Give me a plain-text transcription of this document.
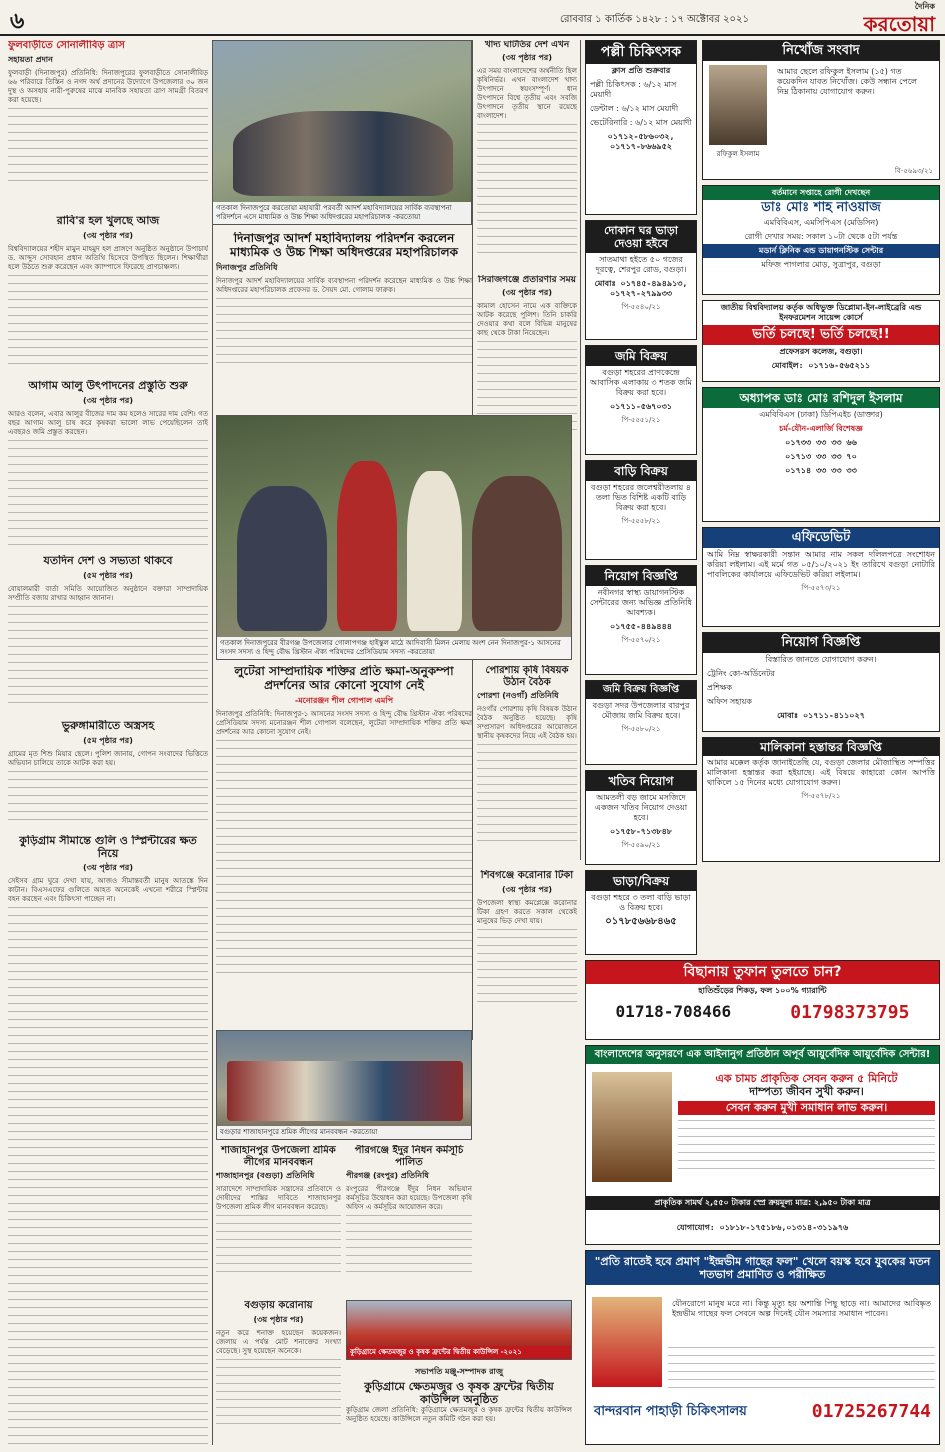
৬	রোববার ১ কার্তিক ১৪২৮ : ১৭ অক্টোবর ২০২১
দৈনিক
করতোয়া
ফুলবাড়ীতে সোনালীবিড় ত্রাস
সহায়তা প্রদান
ফুলবাড়ী (দিনাজপুর) প্রতিনিধি: দিনাজপুরের ফুলবাড়ীতে সোনালীবিড় ৬৬ পরিবারে তিস্তিন ও নগদ অর্থ প্রদানের উদ্যোগে উপজেলার ৩০ জন দুস্থ ও অসহায় নারী-পুরুষের মাঝে মানবিক সহায়তা ত্রাণ সামগ্রী বিতরণ করা হয়েছে।
গতকাল দিনাজপুরে করতোয়া মহাযারী পরবর্তী আদর্শ মহাবিদ্যালয়ের সার্বিক ব্যবস্থাপনা পরিদর্শনে এসে মাধ্যমিক ও উচ্চ শিক্ষা অধিদপ্তরের মহাপরিচালক -করতোয়া
রাবি'র হল খুলছে আজ
(৩য় পৃষ্ঠার পর)
বিশ্ববিদ্যালয়ের শহীদ মামুন মাহমুদ হল প্রাঙ্গণে অনুষ্ঠিত অনুষ্ঠানে উপাচার্য ড. আব্দুস সোবহান প্রধান অতিথি হিসেবে উপস্থিত ছিলেন। শিক্ষার্থীরা হলে উঠতে শুরু করেছেন এবং ক্যাম্পাসে ফিরেছে প্রাণচাঞ্চল্য।
আগাম আলু উৎপাদনের প্রস্তুতি শুরু
(৩য় পৃষ্ঠার পর)
আরও বলেন, এবার আলুর বীজের দাম কম হলেও সারের দাম বেশি। গত বছর আগাম আলু চাষ করে কৃষকরা ভালো লাভ পেয়েছিলেন তাই এবছরও জমি প্রস্তুত করছেন।
যতদিন দেশ ও সভ্যতা থাকবে
(৫ম পৃষ্ঠার পর)
বোয়ালমারী বার্তা সমিতি আয়োজিত অনুষ্ঠানে বক্তারা সাম্প্রদায়িক সম্প্রীতি বজায় রাখার আহ্বান জানান।
ভুরুঙ্গামারীতে অস্ত্রসহ
(৫ম পৃষ্ঠার পর)
গ্রামের মৃত শিশু মিয়ার ছেলে। পুলিশ জানায়, গোপন সংবাদের ভিত্তিতে অভিযান চালিয়ে তাকে আটক করা হয়।
কুড়িগ্রাম সীমান্তে গুলি ও স্প্লিন্টারের ক্ষত নিয়ে
(৩য় পৃষ্ঠার পর)
সেইসব গ্রাম ঘুরে দেখা যায়, আজও সীমান্তবর্তী মানুষ আতঙ্কে দিন কাটান। বিএসএফের গুলিতে আহত অনেকেই এখনো শরীরে স্প্লিন্টার বহন করছেন এবং চিকিৎসা পাচ্ছেন না।
খাদ্য ঘাটতির দেশ এখন
(৩য় পৃষ্ঠার পর)
এর সময় বাংলাদেশের অর্থনীতি ছিল কৃষিনির্ভর। এখন বাংলাদেশ খাদ্য উৎপাদনে স্বয়ংসম্পূর্ণ। ধান উৎপাদনে বিশ্বে তৃতীয় এবং সবজি উৎপাদনে তৃতীয় স্থানে রয়েছে বাংলাদেশ।
দিনাজপুর আদর্শ মহাবিদ্যালয় পরিদর্শন করলেন মাধ্যমিক ও উচ্চ শিক্ষা অধিদপ্তরের মহাপরিচালক
দিনাজপুর প্রতিনিধি
দিনাজপুর আদর্শ মহাবিদ্যালয়ের সার্বিক ব্যবস্থাপনা পরিদর্শন করেছেন মাধ্যমিক ও উচ্চ শিক্ষা অধিদপ্তরের মহাপরিচালক প্রফেসর ড. সৈয়দ মো. গোলাম ফারুক।
সিরাজগঞ্জে প্রতারণার সময়
(৩য় পৃষ্ঠার পর)
কামাল হোসেন নামে এক ব্যক্তিকে আটক করেছে পুলিশ। তিনি চাকরি দেওয়ার কথা বলে বিভিন্ন মানুষের কাছ থেকে টাকা নিয়েছেন।
গতকাল দিনাজপুরের বীরগঞ্জ উপজেলার গোলাপগঞ্জ হাইস্কুল মাঠে আদিবাসী মিলন মেলায় অংশ নেন দিনাজপুর-১ আসনের সংসদ সদস্য ও হিন্দু বৌদ্ধ খ্রিস্টান ঐক্য পরিষদের প্রেসিডিয়াম সদস্য -করতোয়া
লুটেরা সাম্প্রদায়িক শক্তির প্রতি ক্ষমা-অনুকম্পা প্রদর্শনের আর কোনো সুযোগ নেই
-মনোরঞ্জন শীল গোপাল এমপি
দিনাজপুর প্রতিনিধি: দিনাজপুর-১ আসনের সংসদ সদস্য ও হিন্দু বৌদ্ধ খ্রিস্টান ঐক্য পরিষদের প্রেসিডিয়াম সদস্য মনোরঞ্জন শীল গোপাল বলেছেন, লুটেরা সাম্প্রদায়িক শক্তির প্রতি ক্ষমা প্রদর্শনের আর কোনো সুযোগ নেই।
পোরশায় কৃষি বিষয়ক উঠান বৈঠক
পোরশা (নওগাঁ) প্রতিনিধি
নওগাঁর পোরশায় কৃষি বিষয়ক উঠান বৈঠক অনুষ্ঠিত হয়েছে। কৃষি সম্প্রসারণ অধিদপ্তরের আয়োজনে স্থানীয় কৃষকদের নিয়ে এই বৈঠক হয়।
শিবগঞ্জে করোনার টিকা
(৩য় পৃষ্ঠার পর)
উপজেলা স্বাস্থ্য কমপ্লেক্সে করোনার টিকা গ্রহণ করতে সকাল থেকেই মানুষের ভিড় দেখা যায়।
বগুড়ার শাজাহানপুরে শ্রমিক লীগের মানববন্ধন -করতোয়া
শাজাহানপুর উপজেলা শ্রমিক লীগের মানববন্ধন
শাজাহানপুর (বগুড়া) প্রতিনিধি
সারাদেশে সাম্প্রদায়িক সন্ত্রাসের প্রতিবাদে ও দোষীদের শাস্তির দাবিতে শাজাহানপুর উপজেলা শ্রমিক লীগ মানববন্ধন করেছে।
পীরগঞ্জে ইঁদুর নিধন কর্মসূচি পালিত
পীরগঞ্জ (রংপুর) প্রতিনিধি
রংপুরের পীরগঞ্জে ইঁদুর নিধন অভিযান কর্মসূচির উদ্বোধন করা হয়েছে। উপজেলা কৃষি অফিস এ কর্মসূচির আয়োজন করে।
বগুড়ায় করোনায়
(৩য় পৃষ্ঠার পর)
নতুন করে শনাক্ত হয়েছেন কয়েকজন। জেলায় এ পর্যন্ত মোট শনাক্তের সংখ্যা বেড়েছে। সুস্থ হয়েছেন অনেকে।	কুড়িগ্রামে ক্ষেতমজুর ও কৃষক ফ্রন্টের দ্বিতীয় কাউন্সিল -২০২১
সভাপতি মঞ্জু-সম্পাদক রাজু
কুড়িগ্রামে ক্ষেতমজুর ও কৃষক ফ্রন্টের দ্বিতীয় কাউন্সিল অনুষ্ঠিত
কুড়িগ্রাম জেলা প্রতিনিধি: কুড়িগ্রামে ক্ষেতমজুর ও কৃষক ফ্রন্টের দ্বিতীয় কাউন্সিল অনুষ্ঠিত হয়েছে। কাউন্সিলে নতুন কমিটি গঠন করা হয়।
পল্লী চিকিৎসক
ক্লাস প্রতি শুক্রবার
পল্লী চিকিৎসক : ৬/১২ মাস মেয়াদী
ডেন্টাল : ৬/১২ মাস মেয়াদী
ভেটেরিনারি : ৬/১২ মাস মেয়াদী
০১৭১২-৫৮৬০৩২, ০১৭১৭-৮৬৬৯৫২
নিখোঁজ সংবাদ
আমার ছেলে রফিকুল ইসলাম (১৫) গত কয়েকদিন যাবত নিখোঁজ। কেউ সন্ধান পেলে নিম্ন ঠিকানায় যোগাযোগ করুন।
রফিকুল ইসলাম
বি-৫৬৯৩/২১
বর্তমানে সপ্তাহে রোগী দেখছেন
ডাঃ মোঃ শাহ নাওয়াজ
এমবিবিএস, এমসিপিএস (মেডিসিন)
রোগী দেখার সময়: সকাল ১০টা থেকে ৫টা পর্যন্ত
মডার্ন ক্লিনিক এন্ড ডায়াগনস্টিক সেন্টার
মফিজ পাগলার মোড়, সুত্রাপুর, বগুড়া
দোকান ঘর ভাড়া দেওয়া হইবে
সাতমাথা হইতে ৫০ গজের দূরত্বে, শেরপুর রোড, বগুড়া।
মোবাঃ ০১৭৪৫-৪৯৪৯১৩, ০১৭২৭-২৭৯৯৩৩
পি-৫৫৪০/২১	জাতীয় বিশ্ববিদ্যালয় কর্তৃক অধিভুক্ত ডিপ্লোমা-ইন-লাইব্রেরি এন্ড ইনফরমেশন সায়েন্স কোর্সে
ভর্তি চলছে! ভর্তি চলছে!!
প্রফেসরস কলেজ, বগুড়া।
মোবাইল: ০১৭১৬-৫৬৫২১১
জমি বিক্রয়
বগুড়া শহরের প্রাণকেন্দ্রে আবাসিক এলাকায় ৩ শতক জমি বিক্রয় করা হবে।
০১৭১১-৫৬৭০৩১
পি-৫৫৫১/২১
অধ্যাপক ডাঃ মোঃ রশিদুল ইসলাম
এমবিবিএস (ঢাকা) ডিপিএইচ (ডাক্তার)
চর্ম-যৌন-এলার্জি বিশেষজ্ঞ
০১৭৩৩ ৩৩ ৩৩ ৬৬
০১৭১৩ ৩৩ ৩৩ ৭০
০১৭১৪ ৩৩ ৩৩ ৩৩
বাড়ি বিক্রয়
বগুড়া শহরের জলেশ্বরীতলায় ৪ তলা ভিত বিশিষ্ট একটি বাড়ি বিক্রয় করা হবে।
পি-৫৫৫৮/২১
এফিডেভিট
আমি নিম্ন স্বাক্ষরকারী সন্তান আমার নাম সকল দলিলপত্রে সংশোধন করিয়া লইলাম। এই মর্মে গত ০৫/১০/২০২১ ইং তারিখে বগুড়া নোটারি পাবলিকের কার্যালয়ে এফিডেভিট করিয়া লইলাম।
পি-৫৫৭৩/২১
নিয়োগ বিজ্ঞপ্তি
নবীনগর স্বাস্থ্য ডায়াগনস্টিক সেন্টারের জন্য অভিজ্ঞ প্রতিনিধি আবশ্যক।
০১৭৫৫-৪৪৯৪৪৪
পি-৫৫৭০/২১	নিয়োগ বিজ্ঞপ্তি
বিস্তারিত জানতে যোগাযোগ করুন।
ট্রেনিং কো-অর্ডিনেটর
প্রশিক্ষক
অফিস সহায়ক
মোবাঃ ০১৭১১-৪১১০২৭
জমি বিক্রয় বিজ্ঞপ্তি
বগুড়া সদর উপজেলার বারপুর মৌজায় জমি বিক্রয় হবে।
পি-৫৫৮০/২১
মালিকানা হস্তান্তর বিজ্ঞপ্তি
আমার মক্কেল কর্তৃক জানাইতেছি যে, বগুড়া জেলার মৌজাস্থিত সম্পত্তির মালিকানা হস্তান্তর করা হইয়াছে। এই বিষয়ে কাহারো কোন আপত্তি থাকিলে ১৫ দিনের মধ্যে যোগাযোগ করুন।
পি-৫৫৭৮/২১
খতিব নিয়োগ
আমতলী বড় জামে মসজিদে একজন খতিব নিয়োগ দেওয়া হবে।
০১৭৫৮-৭১৩৮৪৮
পি-৫৫৯০/২১
ভাড়া/বিক্রয়
বগুড়া শহরে ৩ তলা বাড়ি ভাড়া ও বিক্রয় হবে।
০১৭৮৫৬৬৮৪৬৫
বিছানায় তুফান তুলতে চান?
হাতিশুঁড়ের শিকড়, ফল ১০০% গ্যারান্টি
01718-708466	01798373795
বাংলাদেশের অনুসরণে এক আইনানুগ প্রতিষ্ঠান অপূর্ব আয়ুর্বেদিক আয়ুর্বেদিক সেন্টার!
এক চামচ প্রাকৃতিক সেবন করুন ৫ মিনিটে
দাম্পত্য জীবন সুখী করুন।
সেবন করুন মুখী সমাধান লাভ করুন।
প্রাকৃতিক সামর্থ ২,৫৫০ টাকার স্প্রে ক্রয়মূল্য মাত্র: ২,৯৫০ টাকা মাত্র
যোগাযোগ: ০১৮১৮-১৭৫১৮৬,০১৩১৪-৩১১৯৭৬
"প্রতি রাতেই হবে প্রমাণ "ইন্দ্রভীম গাছের ফল" খেলে বয়স্ক হবে যুবকের মতন শতভাগ প্রমাণিত ও পরীক্ষিত
যৌনরোগে মানুষ মরে না। কিন্তু মৃত্যু হয় অশান্তি পিছু ছাড়ে না। আমাদের আবিষ্কৃত ইন্দ্রভীম গাছের ফল সেবনে অল্প দিনেই যৌন সমস্যার সমাধান পাবেন।
বান্দরবান পাহাড়ী চিকিৎসালয়	01725267744
